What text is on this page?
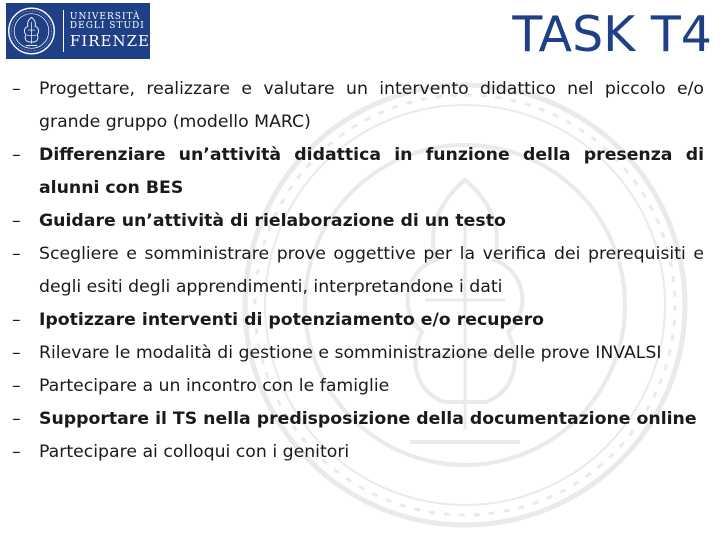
UNIVERSITÀ
DEGLI STUDI
FIRENZE	TASK T4
– Progettare, realizzare e valutare un intervento didattico nel piccolo e/o grande gruppo (modello MARC)
– Differenziare un’attività didattica in funzione della presenza di alunni con BES
– Guidare un’attività di rielaborazione di un testo
– Scegliere e somministrare prove oggettive per la verifica dei prerequisiti e degli esiti degli apprendimenti, interpretandone i dati
– Ipotizzare interventi di potenziamento e/o recupero
– Rilevare le modalità di gestione e somministrazione delle prove INVALSI
– Partecipare a un incontro con le famiglie
– Supportare il TS nella predisposizione della documentazione online
– Partecipare ai colloqui con i genitori
